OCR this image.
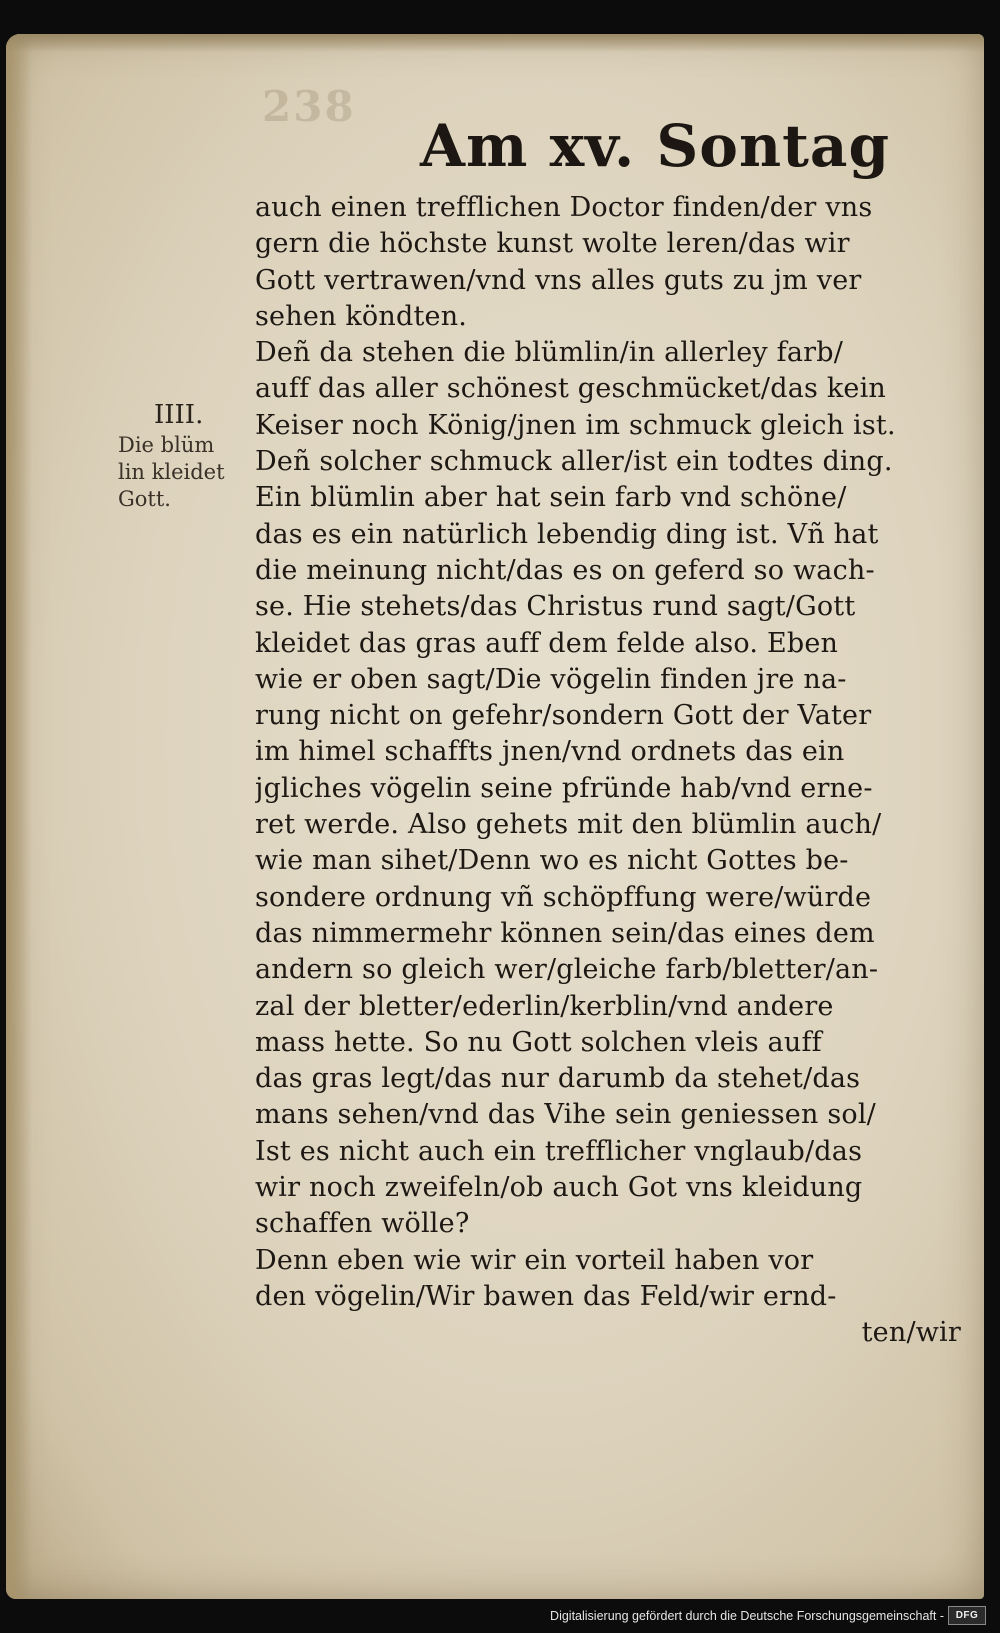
238
Am xv. Sontag
IIII.
Die blüm
lin kleidet
Gott.
auch einen trefflichen Doctor finden/der vns
gern die höchste kunst wolte leren/das wir
Gott vertrawen/vnd vns alles guts zu jm ver
sehen köndten.
Deñ da stehen die blümlin/in allerley farb/
auff das aller schönest geschmücket/das kein
Keiser noch König/jnen im schmuck gleich ist.
Deñ solcher schmuck aller/ist ein todtes ding.
Ein blümlin aber hat sein farb vnd schöne/
das es ein natürlich lebendig ding ist. Vñ hat
die meinung nicht/das es on geferd so wach-
se. Hie stehets/das Christus rund sagt/Gott
kleidet das gras auff dem felde also. Eben
wie er oben sagt/Die vögelin finden jre na-
rung nicht on gefehr/sondern Gott der Vater
im himel schaffts jnen/vnd ordnets das ein
jgliches vögelin seine pfründe hab/vnd erne-
ret werde. Also gehets mit den blümlin auch/
wie man sihet/Denn wo es nicht Gottes be-
sondere ordnung vñ schöpffung were/würde
das nimmermehr können sein/das eines dem
andern so gleich wer/gleiche farb/bletter/an-
zal der bletter/ederlin/kerblin/vnd andere
mass hette. So nu Gott solchen vleis auff
das gras legt/das nur darumb da stehet/das
mans sehen/vnd das Vihe sein geniessen sol/
Ist es nicht auch ein trefflicher vnglaub/das
wir noch zweifeln/ob auch Got vns kleidung
schaffen wölle?
Denn eben wie wir ein vorteil haben vor
den vögelin/Wir bawen das Feld/wir ernd-
ten/wir
Digitalisierung gefördert durch die Deutsche Forschungsgemeinschaft -	DFG
